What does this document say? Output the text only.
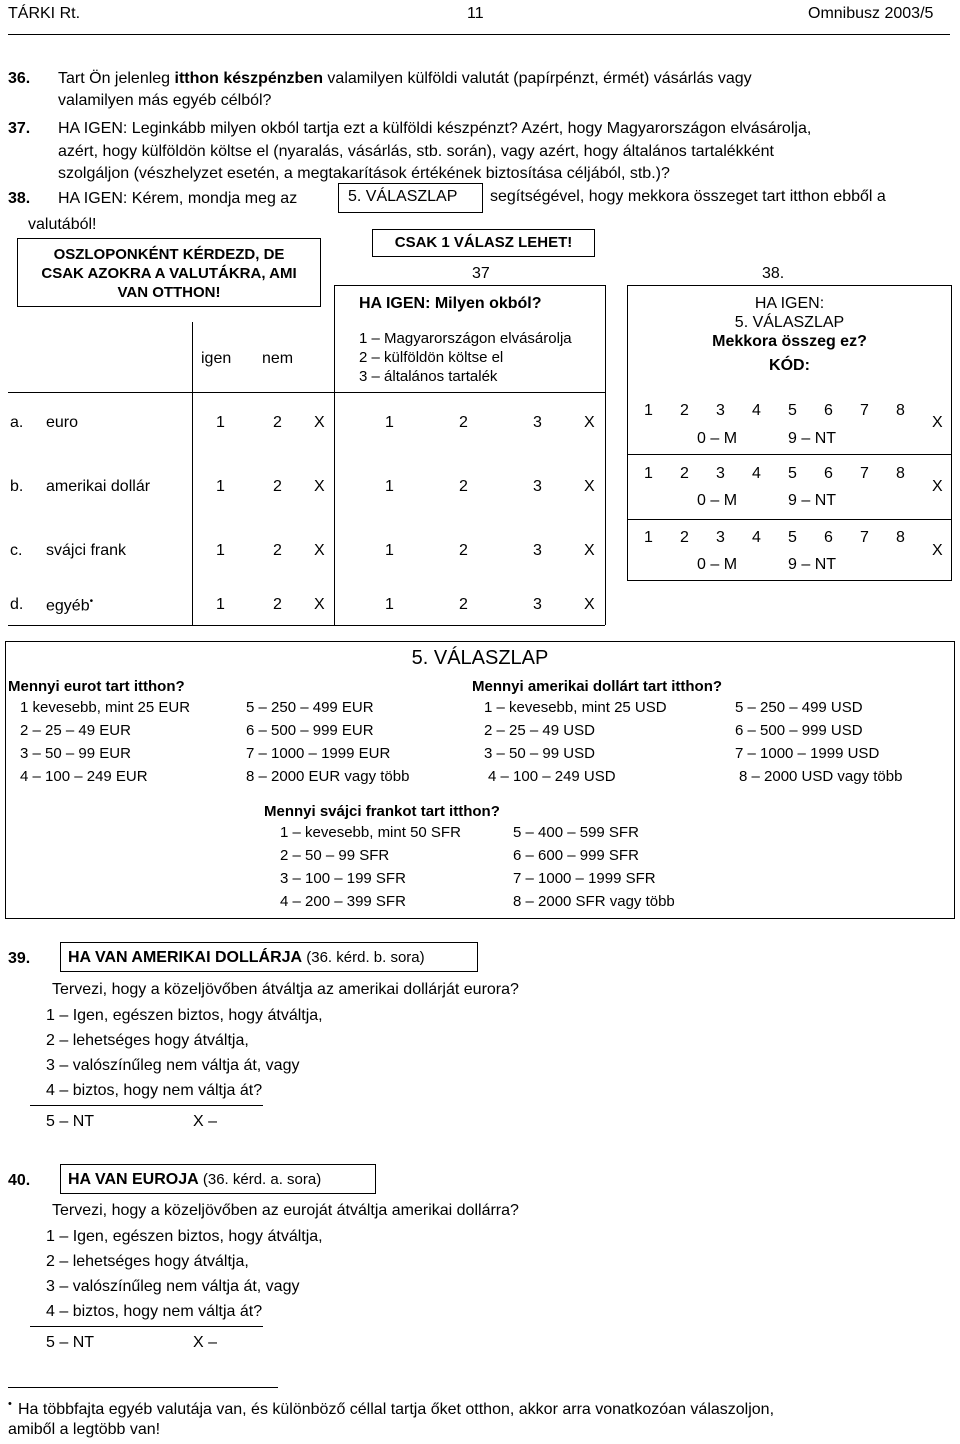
TÁRKI Rt.	11	Omnibusz 2003/5
36. Tart Ön jelenleg itthon készpénzben valamilyen külföldi valutát (papírpénzt, érmét) vásárlás vagy
valamilyen más egyéb célból?
37. HA IGEN: Leginkább milyen okból tartja ezt a külföldi készpénzt? Azért, hogy Magyarországon elvásárolja,
azért, hogy külföldön költse el (nyaralás, vásárlás, stb. során), vagy azért, hogy általános tartalékként
szolgáljon (vészhelyzet esetén, a megtakarítások értékének biztosítása céljából, stb.)?
38. HA IGEN: Kérem, mondja meg az	5. VÁLASZLAP segítségével, hogy mekkora összeget tart itthon ebből a
valutából!
OSZLOPONKÉNT KÉRDEZD, DE
CSAK AZOKRA A VALUTÁKRA, AMI
VAN OTTHON!
CSAK 1 VÁLASZ LEHET!
37	38.
igen nem
HA IGEN: Milyen okból?
1 – Magyarországon elvásárolja
2 – külföldön költse el
3 – általános tartalék
HA IGEN:
5. VÁLASZLAP
Mekkora összeg ez?
KÓD:
a. euro	1	2 X	1	2	3	X
1 2 3 4 5 6 7 8
X
0 – M	9 – NT
b. amerikai dollár	1	2 X	1	2	3	X
1 2 3 4 5 6 7 8
X
0 – M	9 – NT
c. svájci frank	1	2 X	1	2	3	X
1 2 3 4 5 6 7 8
X
0 – M	9 – NT
d. egyéb•	1	2 X	1	2	3	X
5. VÁLASZLAP
Mennyi eurot tart itthon?
1 kevesebb, mint 25 EUR
2 – 25 – 49 EUR
3 – 50 – 99 EUR
4 – 100 – 249 EUR
5 – 250 – 499 EUR
6 – 500 – 999 EUR
7 – 1000 – 1999 EUR
8 – 2000 EUR vagy több
Mennyi amerikai dollárt tart itthon?
1 – kevesebb, mint 25 USD
2 – 25 – 49 USD
3 – 50 – 99 USD
4 – 100 – 249 USD
5 – 250 – 499 USD
6 – 500 – 999 USD
7 – 1000 – 1999 USD
8 – 2000 USD vagy több
Mennyi svájci frankot tart itthon?
1 – kevesebb, mint 50 SFR
2 – 50 – 99 SFR
3 – 100 – 199 SFR
4 – 200 – 399 SFR
5 – 400 – 599 SFR
6 – 600 – 999 SFR
7 – 1000 – 1999 SFR
8 – 2000 SFR vagy több
39. HA VAN AMERIKAI DOLLÁRJA (36. kérd. b. sora)
Tervezi, hogy a közeljövőben átváltja az amerikai dollárját eurora?
1 – Igen, egészen biztos, hogy átváltja,
2 – lehetséges hogy átváltja,
3 – valószínűleg nem váltja át, vagy
4 – biztos, hogy nem váltja át?
5 – NT	X –
40. HA VAN EUROJA (36. kérd. a. sora)
Tervezi, hogy a közeljövőben az euroját átváltja amerikai dollárra?
1 – Igen, egészen biztos, hogy átváltja,
2 – lehetséges hogy átváltja,
3 – valószínűleg nem váltja át, vagy
4 – biztos, hogy nem váltja át?
5 – NT	X –
• Ha többfajta egyéb valutája van, és különböző céllal tartja őket otthon, akkor arra vonatkozóan válaszoljon,
amiből a legtöbb van!
